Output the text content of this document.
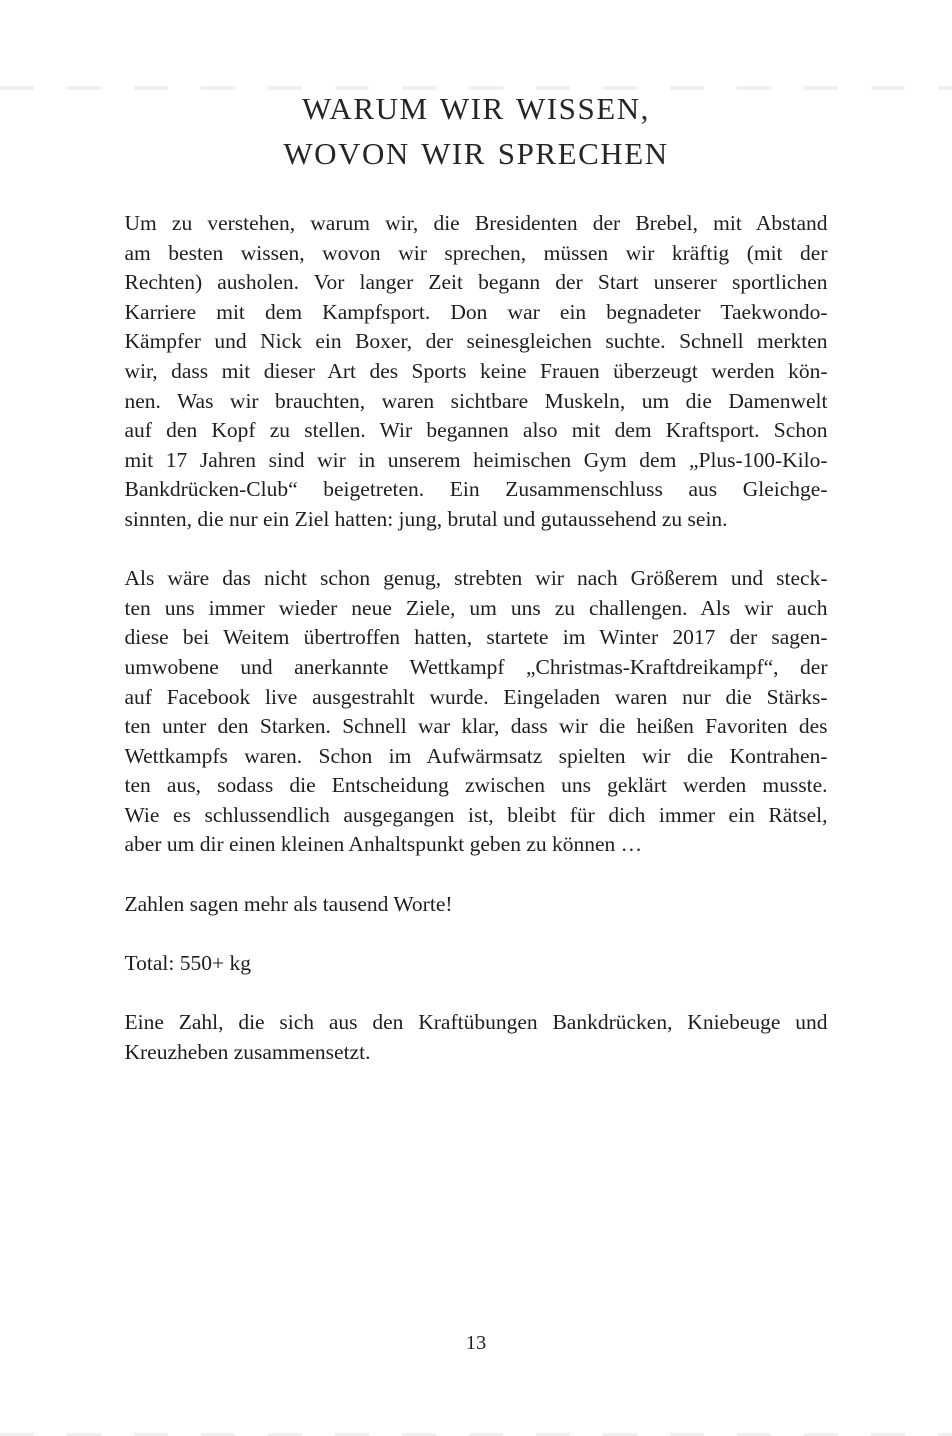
WARUM WIR WISSEN,
WOVON WIR SPRECHEN
Um zu verstehen, warum wir, die Bresidenten der Brebel, mit Abstand
am besten wissen, wovon wir sprechen, müssen wir kräftig (mit der
Rechten) ausholen. Vor langer Zeit begann der Start unserer sportlichen
Karriere mit dem Kampfsport. Don war ein begnadeter Taekwondo-
Kämpfer und Nick ein Boxer, der seinesgleichen suchte. Schnell merkten
wir, dass mit dieser Art des Sports keine Frauen überzeugt werden kön-
nen. Was wir brauchten, waren sichtbare Muskeln, um die Damenwelt
auf den Kopf zu stellen. Wir begannen also mit dem Kraftsport. Schon
mit 17 Jahren sind wir in unserem heimischen Gym dem „Plus-100-Kilo-
Bankdrücken-Club“ beigetreten. Ein Zusammenschluss aus Gleichge-
sinnten, die nur ein Ziel hatten: jung, brutal und gutaussehend zu sein.
Als wäre das nicht schon genug, strebten wir nach Größerem und steck-
ten uns immer wieder neue Ziele, um uns zu challengen. Als wir auch
diese bei Weitem übertroffen hatten, startete im Winter 2017 der sagen-
umwobene und anerkannte Wettkampf „Christmas-Kraftdreikampf“, der
auf Facebook live ausgestrahlt wurde. Eingeladen waren nur die Stärks-
ten unter den Starken. Schnell war klar, dass wir die heißen Favoriten des
Wettkampfs waren. Schon im Aufwärmsatz spielten wir die Kontrahen-
ten aus, sodass die Entscheidung zwischen uns geklärt werden musste.
Wie es schlussendlich ausgegangen ist, bleibt für dich immer ein Rätsel,
aber um dir einen kleinen Anhaltspunkt geben zu können …
Zahlen sagen mehr als tausend Worte!
Total: 550+ kg
Eine Zahl, die sich aus den Kraftübungen Bankdrücken, Kniebeuge und
Kreuzheben zusammensetzt.
13
